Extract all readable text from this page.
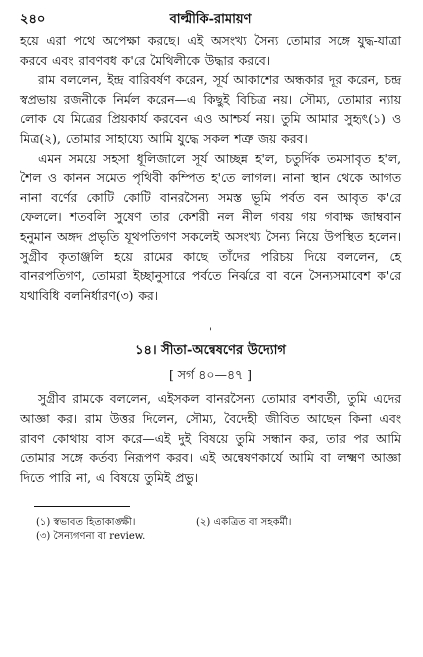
২৪০	বাল্মীকি-রামায়ণ

হয়ে এরা পথে অপেক্ষা করছে। এই অসংখ্য সৈন্য তোমার সঙ্গে যুদ্ধ-যাত্রা করবে এবং রাবণবধ ক'রে মৈথিলীকে উদ্ধার করবে।

রাম বললেন, ইন্দ্র বারিবর্ষণ করেন, সূর্য আকাশের অন্ধকার দূর করেন, চন্দ্র স্বপ্রভায় রজনীকে নির্মল করেন—এ কিছুই বিচিত্র নয়। সৌম্য, তোমার ন্যায় লোক যে মিত্রের প্রিয়কার্য করবেন এও আশ্চর্য নয়। তুমি আমার সুহৃৎ(১) ও মিত্র(২), তোমার সাহায্যে আমি যুদ্ধে সকল শত্রু জয় করব।

এমন সময়ে সহসা ধূলিজালে সূর্য আচ্ছন্ন হ'ল, চতুর্দিক তমসাবৃত হ'ল, শৈল ও কানন সমেত পৃথিবী কম্পিত হ'তে লাগল। নানা স্থান থেকে আগত নানা বর্ণের কোটি কোটি বানরসৈন্য সমস্ত ভূমি পর্বত বন আবৃত ক'রে ফেললে। শতবলি সুষেণ তার কেশরী নল নীল গবয় গয় গবাক্ষ জাম্ববান হনুমান অঙ্গদ প্রভৃতি যূথপতিগণ সকলেই অসংখ্য সৈন্য নিয়ে উপস্থিত হলেন। সুগ্রীব কৃতাঞ্জলি হয়ে রামের কাছে তাঁদের পরিচয় দিয়ে বললেন, হে বানরপতিগণ, তোমরা ইচ্ছানুসারে পর্বতে নির্ঝরে বা বনে সৈন্যসমাবেশ ক'রে যথাবিধি বলনির্ধারণ(৩) কর।

'
১৪। সীতা-অন্বেষণের উদ্যোগ
[ সর্গ ৪০—৪৭ ]

সুগ্রীব রামকে বললেন, এইসকল বানরসৈন্য তোমার বশবর্তী, তুমি এদের আজ্ঞা কর। রাম উত্তর দিলেন, সৌম্য, বৈদেহী জীবিত আছেন কিনা এবং রাবণ কোথায় বাস করে—এই দুই বিষয়ে তুমি সন্ধান কর, তার পর আমি তোমার সঙ্গে কর্তব্য নিরূপণ করব। এই অন্বেষণকার্যে আমি বা লক্ষ্মণ আজ্ঞা দিতে পারি না, এ বিষয়ে তুমিই প্রভু।

(১) স্বভাবত হিতাকাঙ্ক্ষী।	(২) একত্রিত বা সহকর্মী।
(৩) সৈন্যগণনা বা review.
